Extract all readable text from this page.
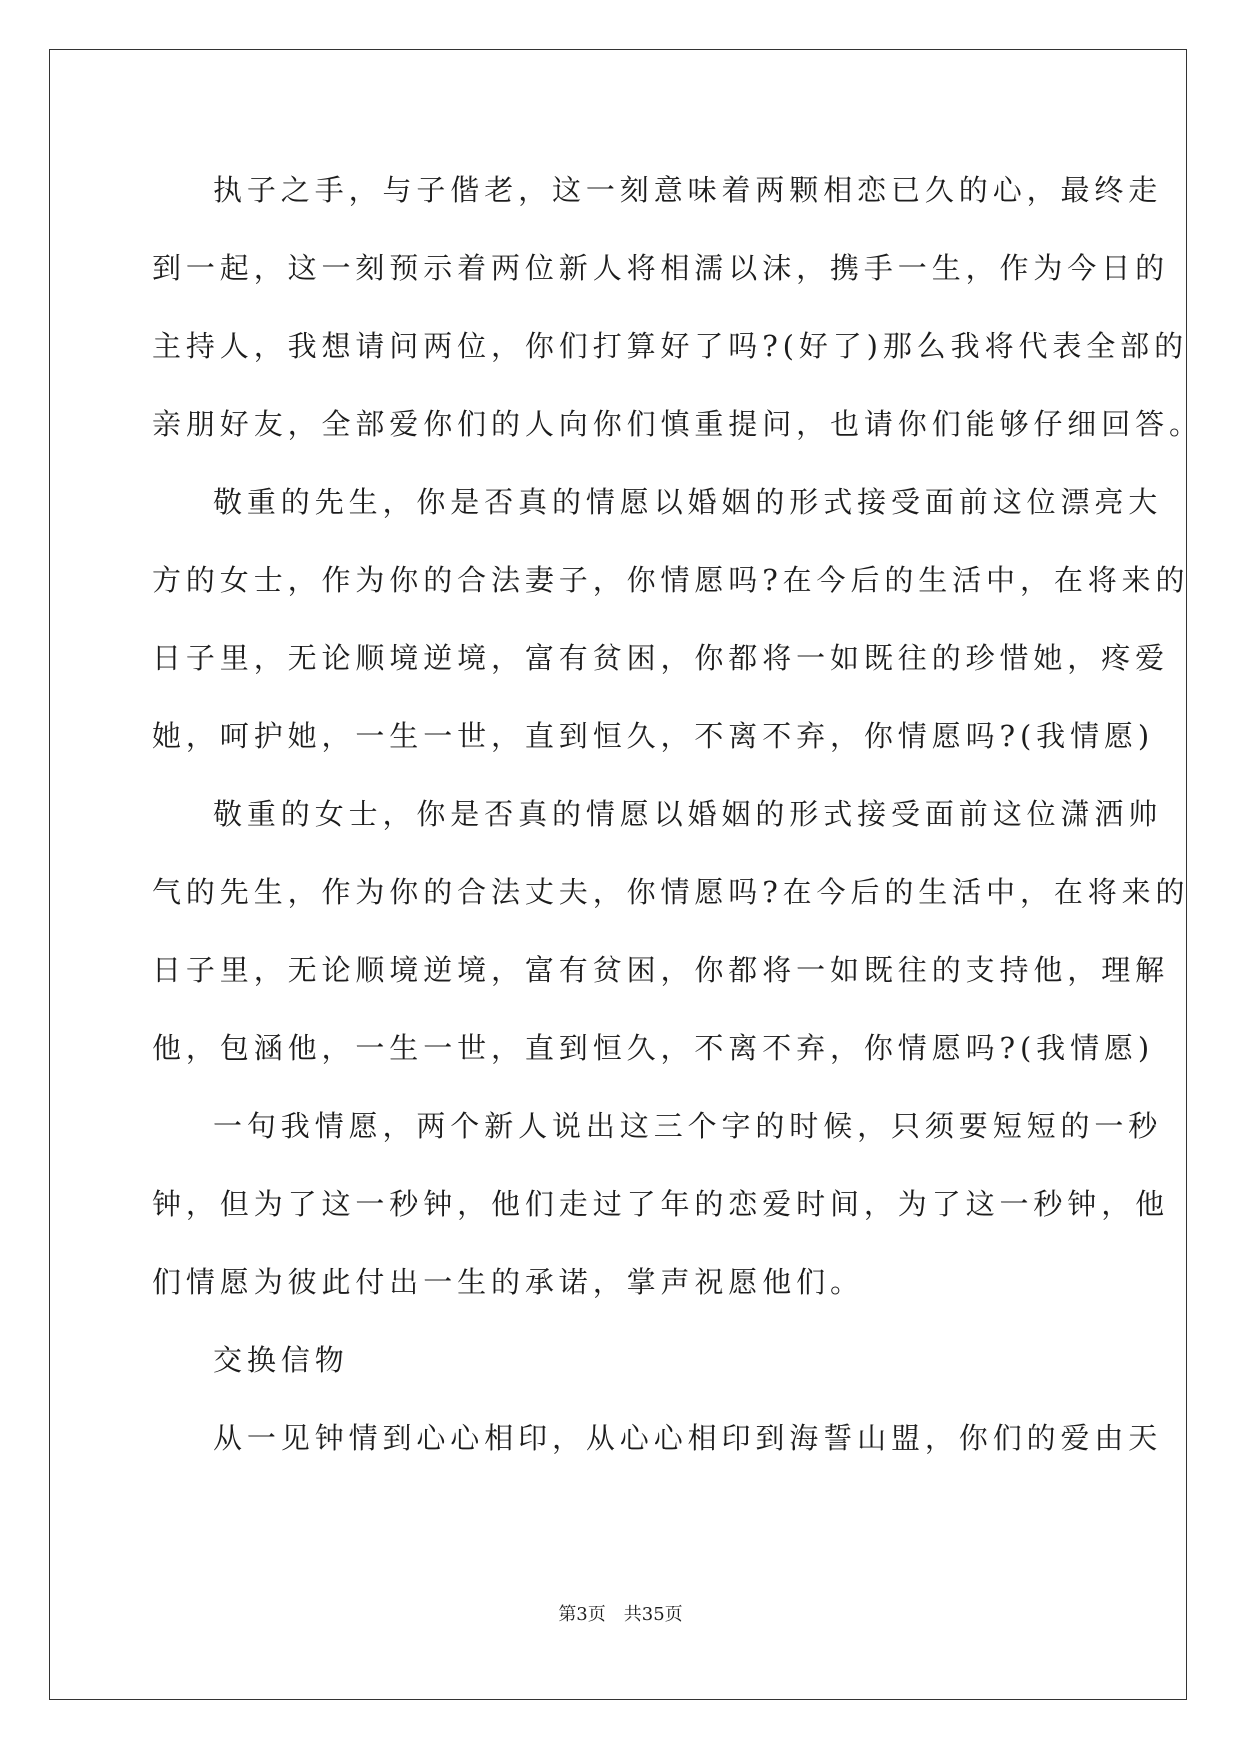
执子之手，与子偕老，这一刻意味着两颗相恋已久的心，最终走
到一起，这一刻预示着两位新人将相濡以沫，携手一生，作为今日的
主持人，我想请问两位，你们打算好了吗?(好了)那么我将代表全部的
亲朋好友，全部爱你们的人向你们慎重提问，也请你们能够仔细回答。
敬重的先生，你是否真的情愿以婚姻的形式接受面前这位漂亮大
方的女士，作为你的合法妻子，你情愿吗?在今后的生活中，在将来的
日子里，无论顺境逆境，富有贫困，你都将一如既往的珍惜她，疼爱
她，呵护她，一生一世，直到恒久，不离不弃，你情愿吗?(我情愿)
敬重的女士，你是否真的情愿以婚姻的形式接受面前这位潇洒帅
气的先生，作为你的合法丈夫，你情愿吗?在今后的生活中，在将来的
日子里，无论顺境逆境，富有贫困，你都将一如既往的支持他，理解
他，包涵他，一生一世，直到恒久，不离不弃，你情愿吗?(我情愿)
一句我情愿，两个新人说出这三个字的时候，只须要短短的一秒
钟，但为了这一秒钟，他们走过了年的恋爱时间，为了这一秒钟，他
们情愿为彼此付出一生的承诺，掌声祝愿他们。
交换信物
从一见钟情到心心相印，从心心相印到海誓山盟，你们的爱由天
第3页　共35页
